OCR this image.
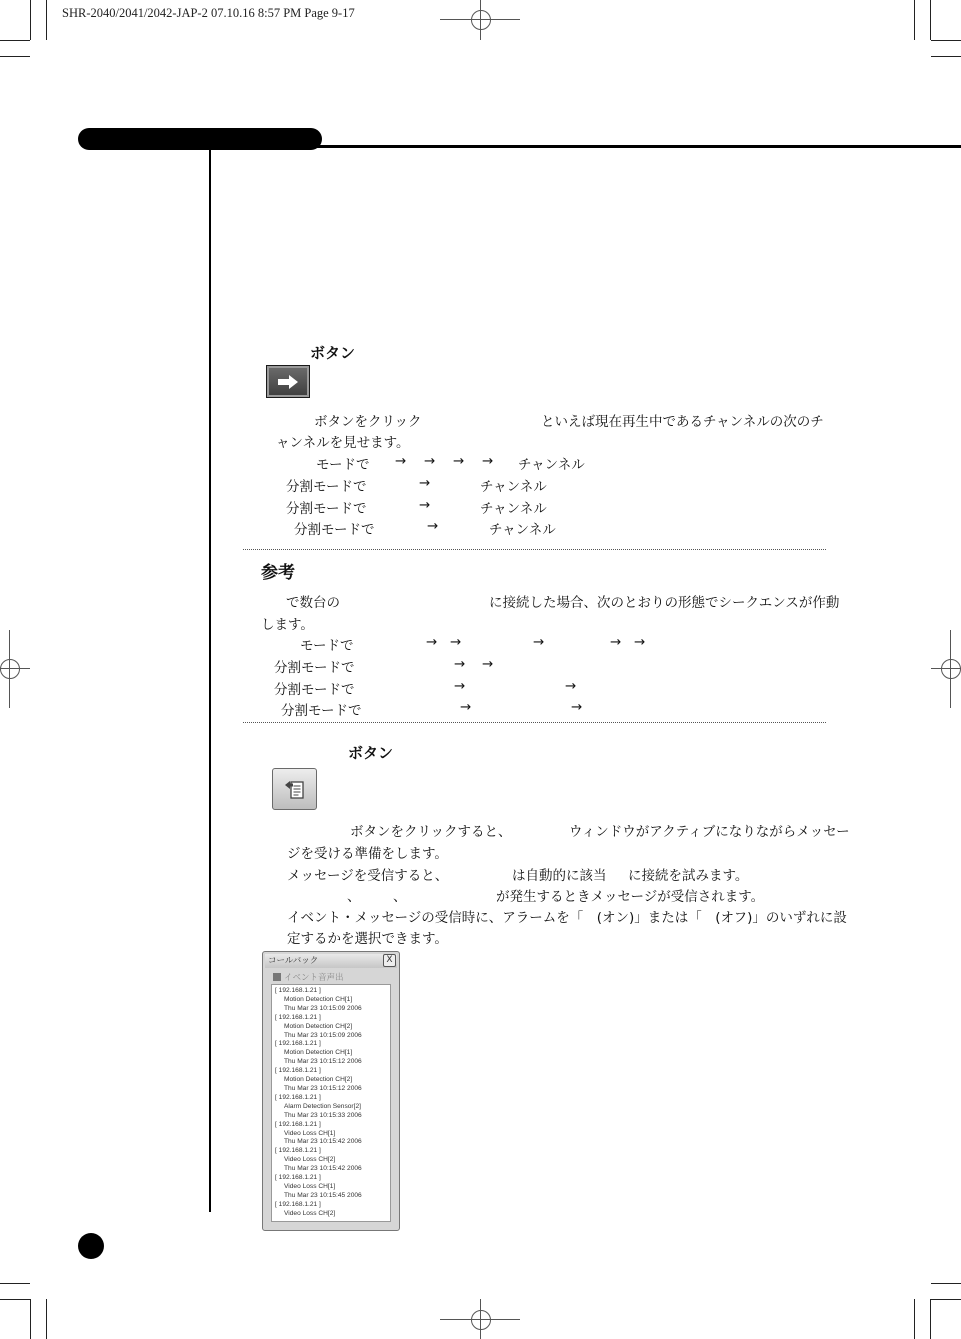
SHR-2040/2041/2042-JAP-2 07.10.16 8:57 PM Page 9-17
ボタン
ボタンをクリック	といえば現在再生中であるチャンネルの次のチ
ャンネルを見せます。
モードで → → → → チャンネル
分割モードで	→	チャンネル
分割モードで	→	チャンネル
分割モードで	→	チャンネル
参考
で数台の	に接続した場合、次のとおりの形態でシークエンスが作動
します。
モードで	→ →	→	→ →
分割モードで	→ →
分割モードで	→	→
分割モードで	→	→
ボタン
ボタンをクリックすると、	ウィンドウがアクティブになりながらメッセー
ジを受ける準備をします。
メッセージを受信すると、	は自動的に該当 に接続を試みます。
、 、	が発生するときメッセージが受信されます。
イベント・メッセージの受信時に、アラームを「　(オン)」または「　(オフ)」のいずれに設
定するかを選択できます。
コールバック	X
イベント音声出
[ 192.168.1.21 ]
Motion Detection CH[1]
Thu Mar 23 10:15:09 2006
[ 192.168.1.21 ]
Motion Detection CH[2]
Thu Mar 23 10:15:09 2006
[ 192.168.1.21 ]
Motion Detection CH[1]
Thu Mar 23 10:15:12 2006
[ 192.168.1.21 ]
Motion Detection CH[2]
Thu Mar 23 10:15:12 2006
[ 192.168.1.21 ]
Alarm Detection Sensor[2]
Thu Mar 23 10:15:33 2006
[ 192.168.1.21 ]
Video Loss CH[1]
Thu Mar 23 10:15:42 2006
[ 192.168.1.21 ]
Video Loss CH[2]
Thu Mar 23 10:15:42 2006
[ 192.168.1.21 ]
Video Loss CH[1]
Thu Mar 23 10:15:45 2006
[ 192.168.1.21 ]
Video Loss CH[2]
